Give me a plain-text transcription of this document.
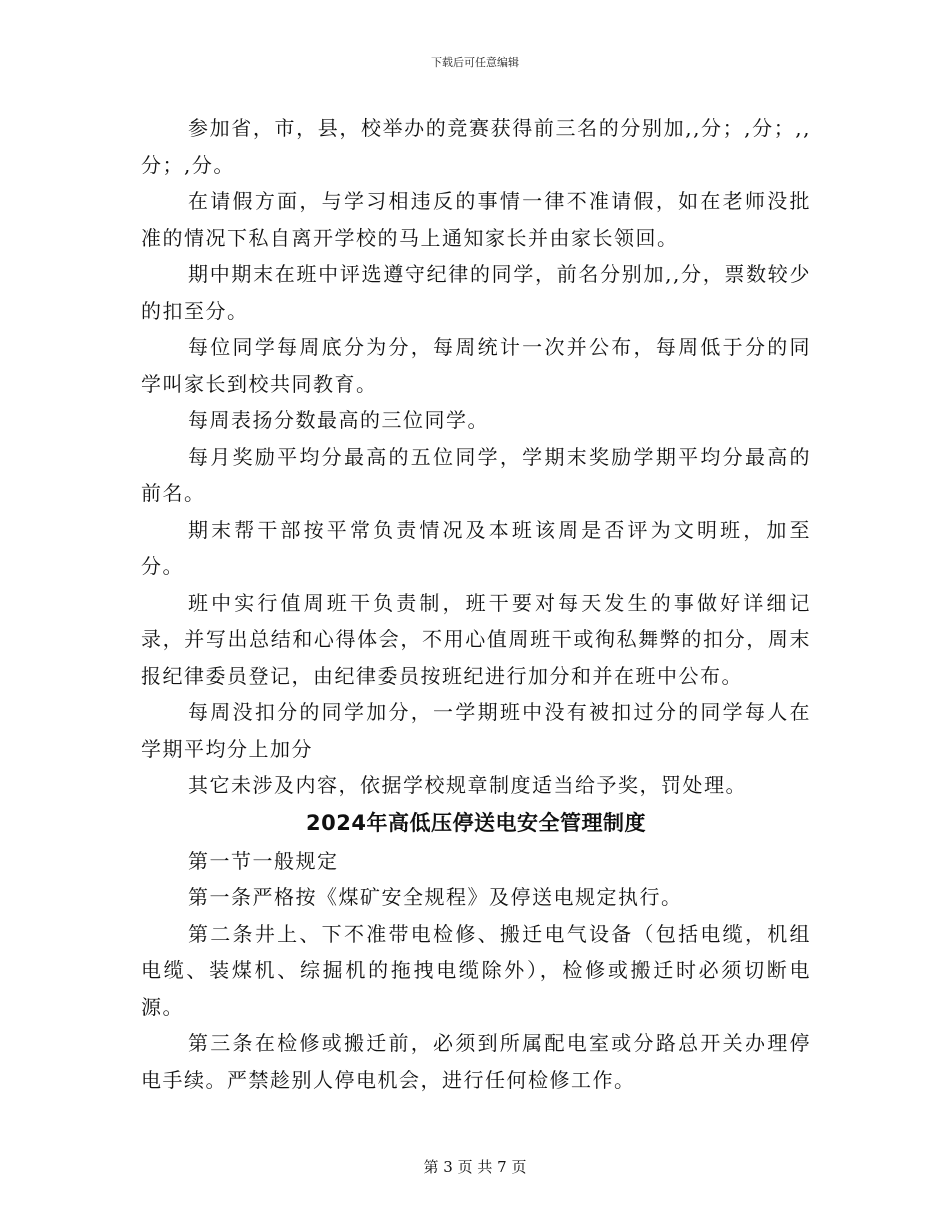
下载后可任意编辑

参加省，市，县，校举办的竞赛获得前三名的分别加,,分；,分；,,分；,分。

在请假方面，与学习相违反的事情一律不准请假，如在老师没批准的情况下私自离开学校的马上通知家长并由家长领回。

期中期末在班中评选遵守纪律的同学，前名分别加,,分，票数较少的扣至分。

每位同学每周底分为分，每周统计一次并公布，每周低于分的同学叫家长到校共同教育。

每周表扬分数最高的三位同学。

每月奖励平均分最高的五位同学，学期末奖励学期平均分最高的前名。

期末帮干部按平常负责情况及本班该周是否评为文明班，加至分。

班中实行值周班干负责制，班干要对每天发生的事做好详细记录，并写出总结和心得体会，不用心值周班干或徇私舞弊的扣分，周末报纪律委员登记，由纪律委员按班纪进行加分和并在班中公布。

每周没扣分的同学加分，一学期班中没有被扣过分的同学每人在学期平均分上加分

其它未涉及内容，依据学校规章制度适当给予奖，罚处理。

2024年高低压停送电安全管理制度

第一节一般规定

第一条严格按《煤矿安全规程》及停送电规定执行。

第二条井上、下不准带电检修、搬迁电气设备（包括电缆，机组电缆、装煤机、综掘机的拖拽电缆除外），检修或搬迁时必须切断电源。

第三条在检修或搬迁前，必须到所属配电室或分路总开关办理停电手续。严禁趁别人停电机会，进行任何检修工作。

第 3 页 共 7 页
